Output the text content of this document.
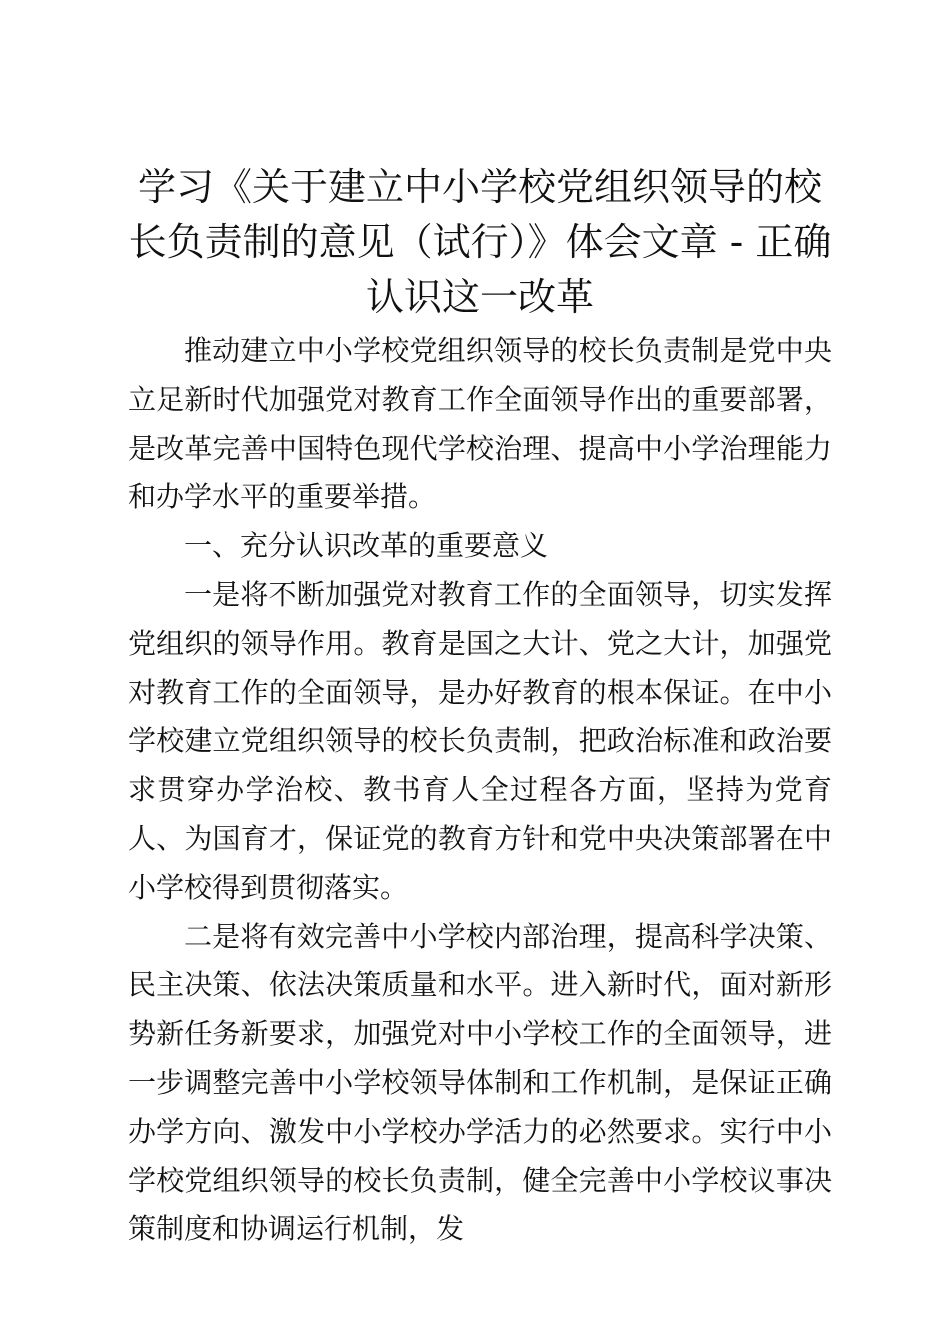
学习《关于建立中小学校党组织领导的校长负责制的意见（试行）》体会文章 - 正确认识这一改革

推动建立中小学校党组织领导的校长负责制是党中央立足新时代加强党对教育工作全面领导作出的重要部署，是改革完善中国特色现代学校治理、提高中小学治理能力和办学水平的重要举措。

一、充分认识改革的重要意义

一是将不断加强党对教育工作的全面领导，切实发挥党组织的领导作用。教育是国之大计、党之大计，加强党对教育工作的全面领导，是办好教育的根本保证。在中小学校建立党组织领导的校长负责制，把政治标准和政治要求贯穿办学治校、教书育人全过程各方面，坚持为党育人、为国育才，保证党的教育方针和党中央决策部署在中小学校得到贯彻落实。

二是将有效完善中小学校内部治理，提高科学决策、民主决策、依法决策质量和水平。进入新时代，面对新形势新任务新要求，加强党对中小学校工作的全面领导，进一步调整完善中小学校领导体制和工作机制，是保证正确办学方向、激发中小学校办学活力的必然要求。实行中小学校党组织领导的校长负责制，健全完善中小学校议事决策制度和协调运行机制，发
